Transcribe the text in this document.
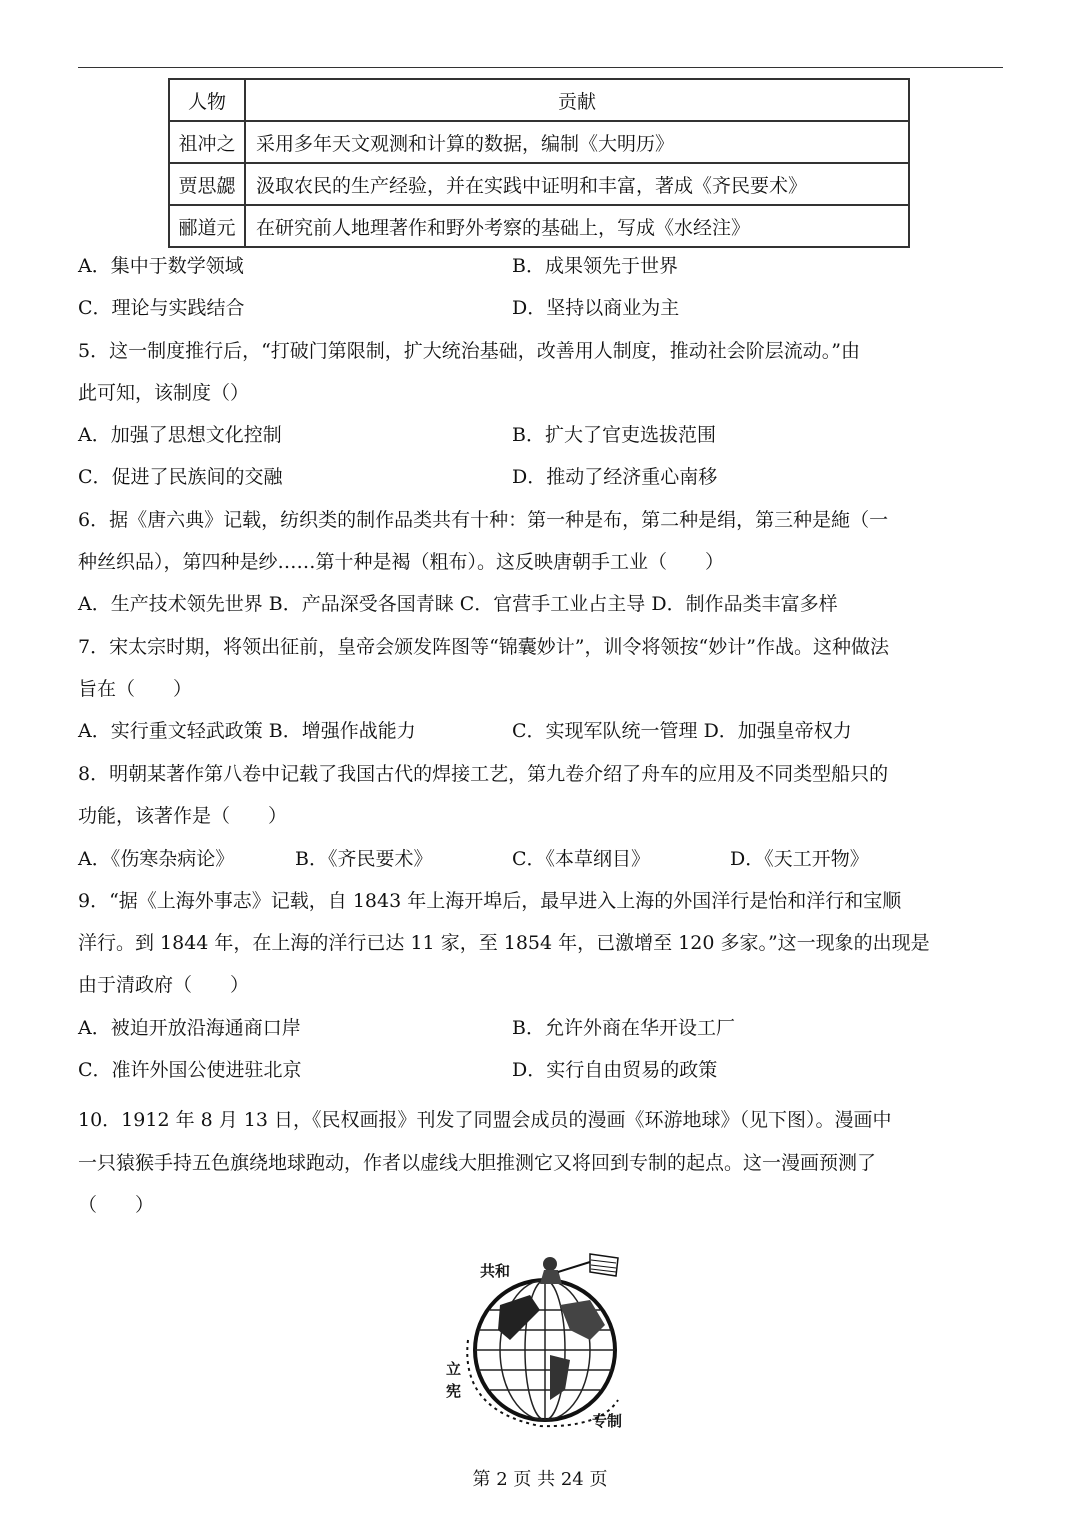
人物	贡献
祖冲之	采用多年天文观测和计算的数据，编制《大明历》
贾思勰	汲取农民的生产经验，并在实践中证明和丰富，著成《齐民要术》
郦道元	在研究前人地理著作和野外考察的基础上，写成《水经注》
A．集中于数学领域	B．成果领先于世界
C．理论与实践结合	D．坚持以商业为主
5．这一制度推行后，“打破门第限制，扩大统治基础，改善用人制度，推动社会阶层流动。”由
此可知，该制度（）
A．加强了思想文化控制	B．扩大了官吏选拔范围
C．促进了民族间的交融	D．推动了经济重心南移
6．据《唐六典》记载，纺织类的制作品类共有十种：第一种是布，第二种是绢，第三种是絁（一
种丝织品），第四种是纱……第十种是褐（粗布）。这反映唐朝手工业（　　）
A．生产技术领先世界 B．产品深受各国青睐 C．官营手工业占主导 D．制作品类丰富多样
7．宋太宗时期，将领出征前，皇帝会颁发阵图等“锦囊妙计”，训令将领按“妙计”作战。这种做法
旨在（　　）
A．实行重文轻武政策 B．增强作战能力	C．实现军队统一管理 D．加强皇帝权力
8．明朝某著作第八卷中记载了我国古代的焊接工艺，第九卷介绍了舟车的应用及不同类型船只的
功能，该著作是（　　）
A．《伤寒杂病论》	B．《齐民要术》	C．《本草纲目》	D．《天工开物》
9．“据《上海外事志》记载，自 1843 年上海开埠后，最早进入上海的外国洋行是怡和洋行和宝顺
洋行。到 1844 年，在上海的洋行已达 11 家，至 1854 年，已激增至 120 多家。”这一现象的出现是
由于清政府（　　）
A．被迫开放沿海通商口岸	B．允许外商在华开设工厂
C．准许外国公使进驻北京	D．实行自由贸易的政策
10．1912 年 8 月 13 日，《民权画报》刊发了同盟会成员的漫画《环游地球》（见下图）。漫画中
一只猿猴手持五色旗绕地球跑动，作者以虚线大胆推测它又将回到专制的起点。这一漫画预测了
（　　）
共和
立
宪
专制
第 2 页 共 24 页
